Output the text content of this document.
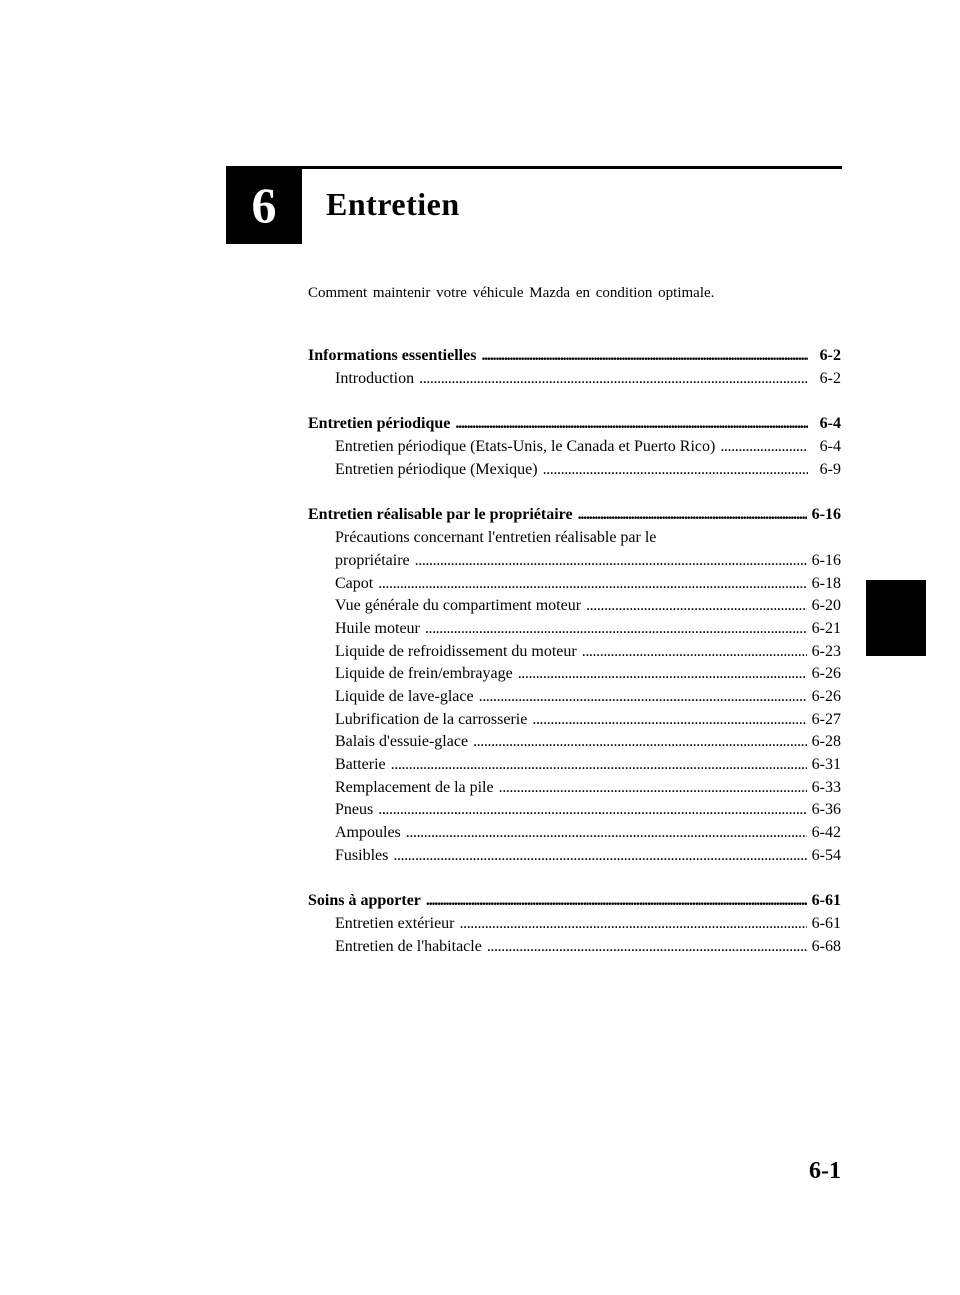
6 Entretien
Comment maintenir votre véhicule Mazda en condition optimale.
Informations essentielles . . .	6-2
Introduction . . .	6-2
Entretien périodique . . .	6-4
Entretien périodique (Etats-Unis, le Canada et Puerto Rico) . . .	6-4
Entretien périodique (Mexique) . . .	6-9
Entretien réalisable par le propriétaire . . .	6-16
Précautions concernant l'entretien réalisable par le
propriétaire . . .	6-16
Capot . . .	6-18
Vue générale du compartiment moteur . . .	6-20
Huile moteur . . .	6-21
Liquide de refroidissement du moteur . . .	6-23
Liquide de frein/embrayage . . .	6-26
Liquide de lave-glace . . .	6-26
Lubrification de la carrosserie . . .	6-27
Balais d'essuie-glace . . .	6-28
Batterie . . .	6-31
Remplacement de la pile . . .	6-33
Pneus . . .	6-36
Ampoules . . .	6-42
Fusibles . . .	6-54
Soins à apporter . . .	6-61
Entretien extérieur . . .	6-61
Entretien de l'habitacle . . .	6-68
6-1
